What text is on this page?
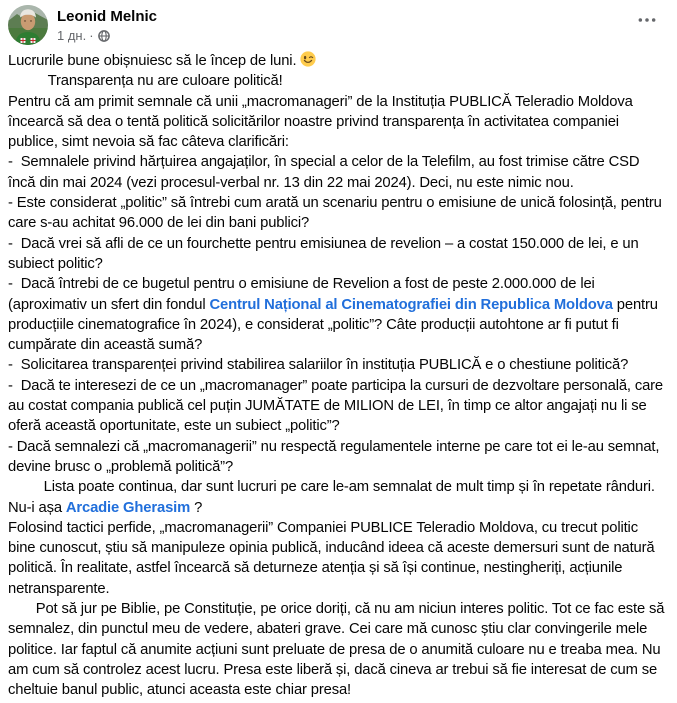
Leonid Melnic
1 дн. ·
Lucrurile bune obișnuiesc să le încep de luni.
Transparența nu are culoare politică!
Pentru că am primit semnale că unii „macromanageri” de la Instituția PUBLICĂ Teleradio Moldova încearcă să dea o tentă politică solicitărilor noastre privind transparența în activitatea companiei publice, simt nevoia să fac câteva clarificări:
-  Semnalele privind hărțuirea angajaților, în special a celor de la Telefilm, au fost trimise către CSD încă din mai 2024 (vezi procesul-verbal nr. 13 din 22 mai 2024). Deci, nu este nimic nou.
- Este considerat „politic” să întrebi cum arată un scenariu pentru o emisiune de unică folosință, pentru care s-au achitat 96.000 de lei din bani publici?
-  Dacă vrei să afli de ce un fourchette pentru emisiunea de revelion – a costat 150.000 de lei, e un subiect politic?
-  Dacă întrebi de ce bugetul pentru o emisiune de Revelion a fost de peste 2.000.000 de lei (aproximativ un sfert din fondul Centrul Național al Cinematografiei din Republica Moldova pentru producțiile cinematografice în 2024), e considerat „politic”? Câte producții autohtone ar fi putut fi cumpărate din această sumă?
-  Solicitarea transparenței privind stabilirea salariilor în instituția PUBLICĂ e o chestiune politică?
-  Dacă te interesezi de ce un „macromanager” poate participa la cursuri de dezvoltare personală, care au costat compania publică cel puțin JUMĂTATE de MILION de LEI, în timp ce altor angajați nu li se oferă această oportunitate, este un subiect „politic”?
- Dacă semnalezi că „macromanagerii” nu respectă regulamentele interne pe care tot ei le-au semnat, devine brusc o „problemă politică”?
Lista poate continua, dar sunt lucruri pe care le-am semnalat de mult timp și în repetate rânduri. Nu-i așa Arcadie Gherasim ?
Folosind tactici perfide, „macromanagerii” Companiei PUBLICE Teleradio Moldova, cu trecut politic bine cunoscut, știu să manipuleze opinia publică, inducând ideea că aceste demersuri sunt de natură politică. În realitate, astfel încearcă să deturneze atenția și să își continue, nestingheriți, acțiunile netransparente.
Pot să jur pe Biblie, pe Constituție, pe orice doriți, că nu am niciun interes politic. Tot ce fac este să semnalez, din punctul meu de vedere, abateri grave. Cei care mă cunosc știu clar convingerile mele politice. Iar faptul că anumite acțiuni sunt preluate de presa de o anumită culoare nu e treaba mea. Nu am cum să controlez acest lucru. Presa este liberă și, dacă cineva ar trebui să fie interesat de cum se cheltuie banul public, atunci aceasta este chiar presa!
